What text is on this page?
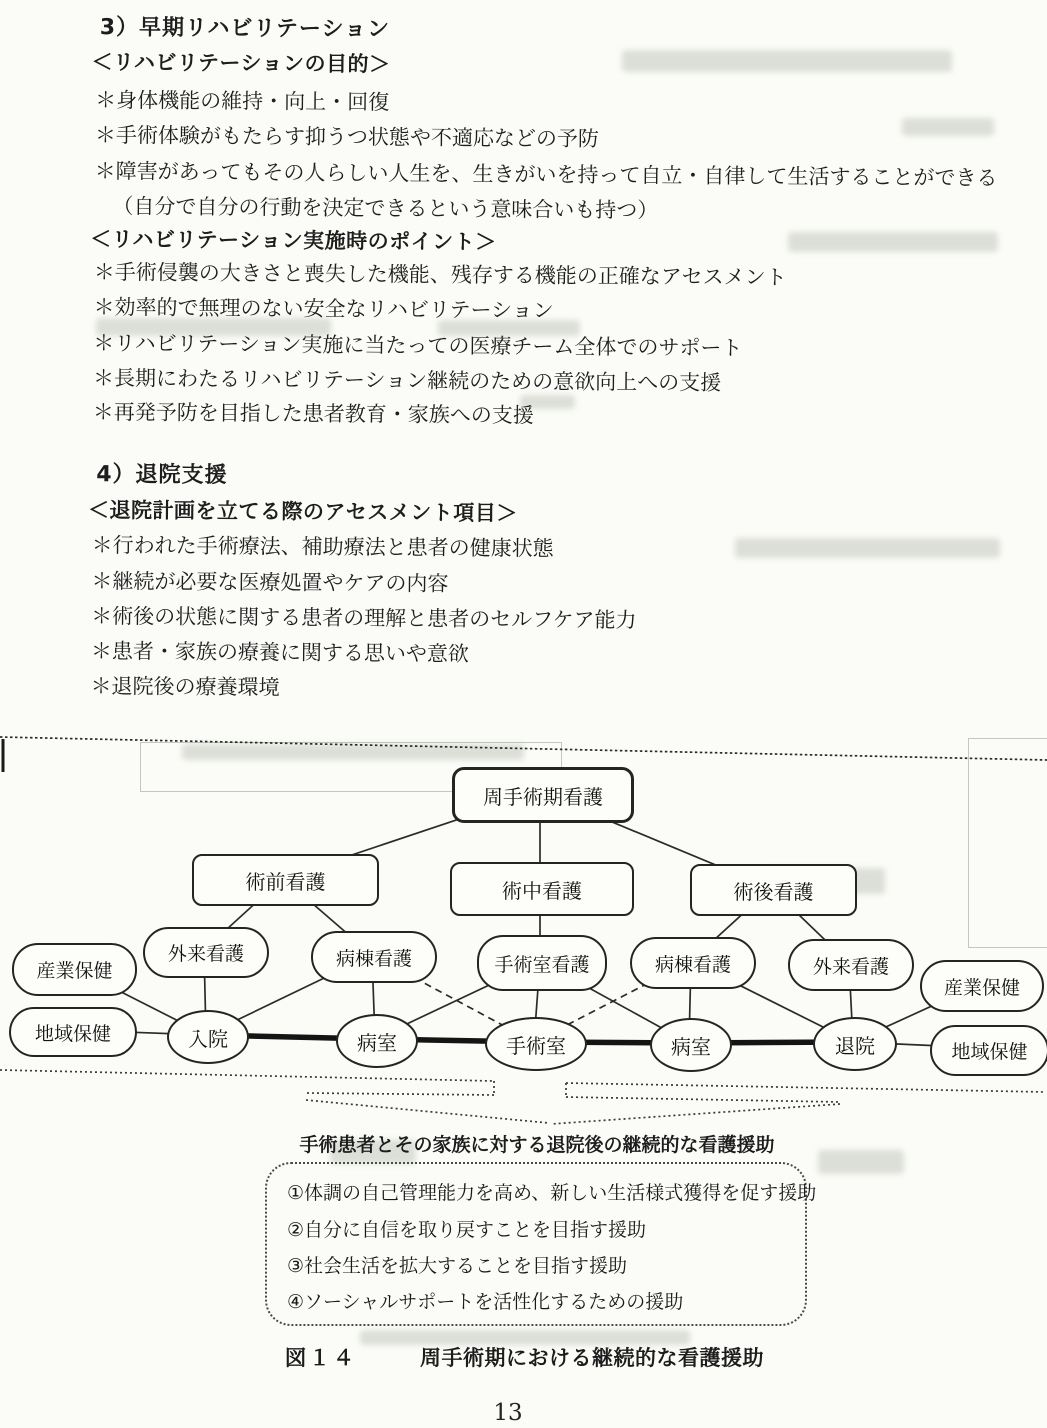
3）早期リハビリテーション
＜リハビリテーションの目的＞
＊身体機能の維持・向上・回復
＊手術体験がもたらす抑うつ状態や不適応などの予防
＊障害があってもその人らしい人生を、生きがいを持って自立・自律して生活することができる
（自分で自分の行動を決定できるという意味合いも持つ）
＜リハビリテーション実施時のポイント＞
＊手術侵襲の大きさと喪失した機能、残存する機能の正確なアセスメント
＊効率的で無理のない安全なリハビリテーション
＊リハビリテーション実施に当たっての医療チーム全体でのサポート
＊長期にわたるリハビリテーション継続のための意欲向上への支援
＊再発予防を目指した患者教育・家族への支援
4）退院支援
＜退院計画を立てる際のアセスメント項目＞
＊行われた手術療法、補助療法と患者の健康状態
＊継続が必要な医療処置やケアの内容
＊術後の状態に関する患者の理解と患者のセルフケア能力
＊患者・家族の療養に関する思いや意欲
＊退院後の療養環境
周手術期看護
術前看護	術中看護	術後看護
外来看護	病棟看護	手術室看護	病棟看護	外来看護
産業保健
地域保健
産業保健
地域保健
入院	病室	手術室	病室	退院
手術患者とその家族に対する退院後の継続的な看護援助
①体調の自己管理能力を高め、新しい生活様式獲得を促す援助
②自分に自信を取り戻すことを目指す援助
③社会生活を拡大することを目指す援助
④ソーシャルサポートを活性化するための援助
図１４	周手術期における継続的な看護援助
13
